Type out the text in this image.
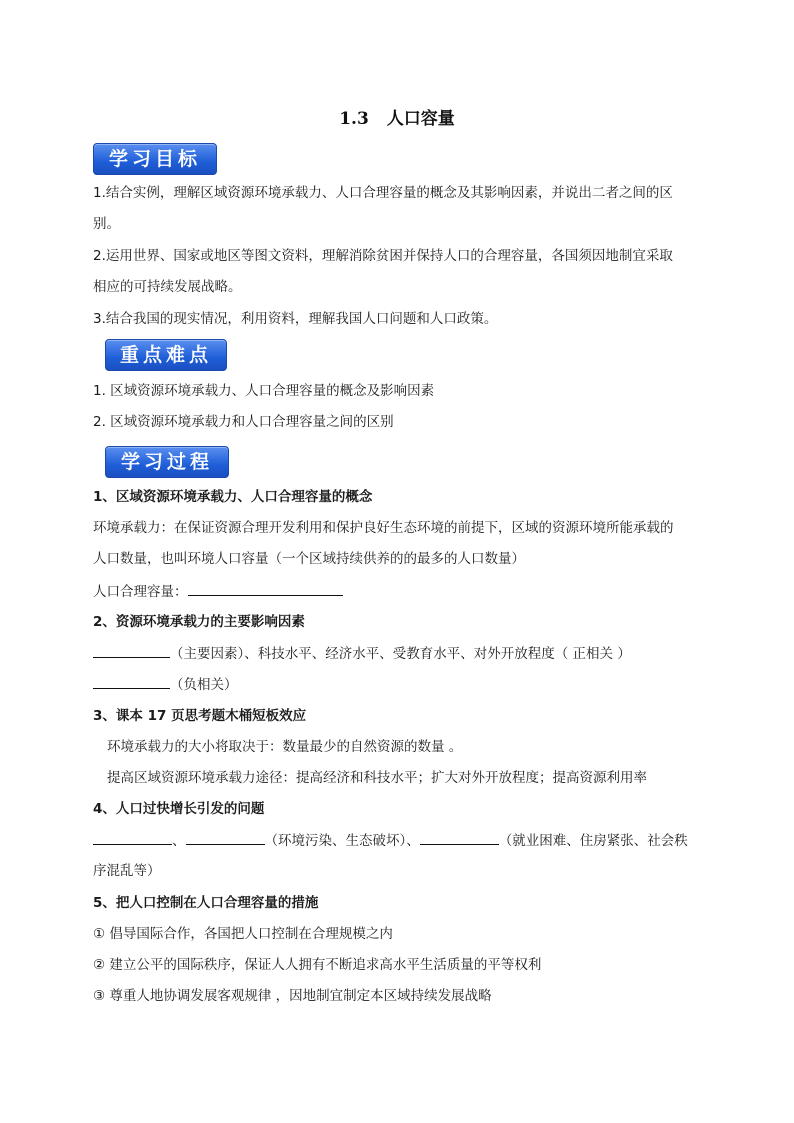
1.3 人口容量
学习目标
1.结合实例，理解区域资源环境承载力、人口合理容量的概念及其影响因素，并说出二者之间的区
别。
2.运用世界、国家或地区等图文资料，理解消除贫困并保持人口的合理容量，各国须因地制宜采取
相应的可持续发展战略。
3.结合我国的现实情况，利用资料，理解我国人口问题和人口政策。
重点难点
1. 区域资源环境承载力、人口合理容量的概念及影响因素
2. 区域资源环境承载力和人口合理容量之间的区别
学习过程
1、区域资源环境承载力、人口合理容量的概念
环境承载力：在保证资源合理开发利用和保护良好生态环境的前提下，区域的资源环境所能承载的
人口数量，也叫环境人口容量（一个区域持续供养的的最多的人口数量）
人口合理容量：
2、资源环境承载力的主要影响因素
（主要因素）、科技水平、经济水平、受教育水平、对外开放程度（ 正相关 ）
（负相关）
3、课本 17 页思考题木桶短板效应
环境承载力的大小将取决于：数量最少的自然资源的数量 。
提高区域资源环境承载力途径：提高经济和科技水平；扩大对外开放程度；提高资源利用率
4、人口过快增长引发的问题
、	（环境污染、生态破坏）、	（就业困难、住房紧张、社会秩
序混乱等）
5、把人口控制在人口合理容量的措施
① 倡导国际合作，各国把人口控制在合理规模之内
② 建立公平的国际秩序，保证人人拥有不断追求高水平生活质量的平等权利
③ 尊重人地协调发展客观规律 ，因地制宜制定本区域持续发展战略
